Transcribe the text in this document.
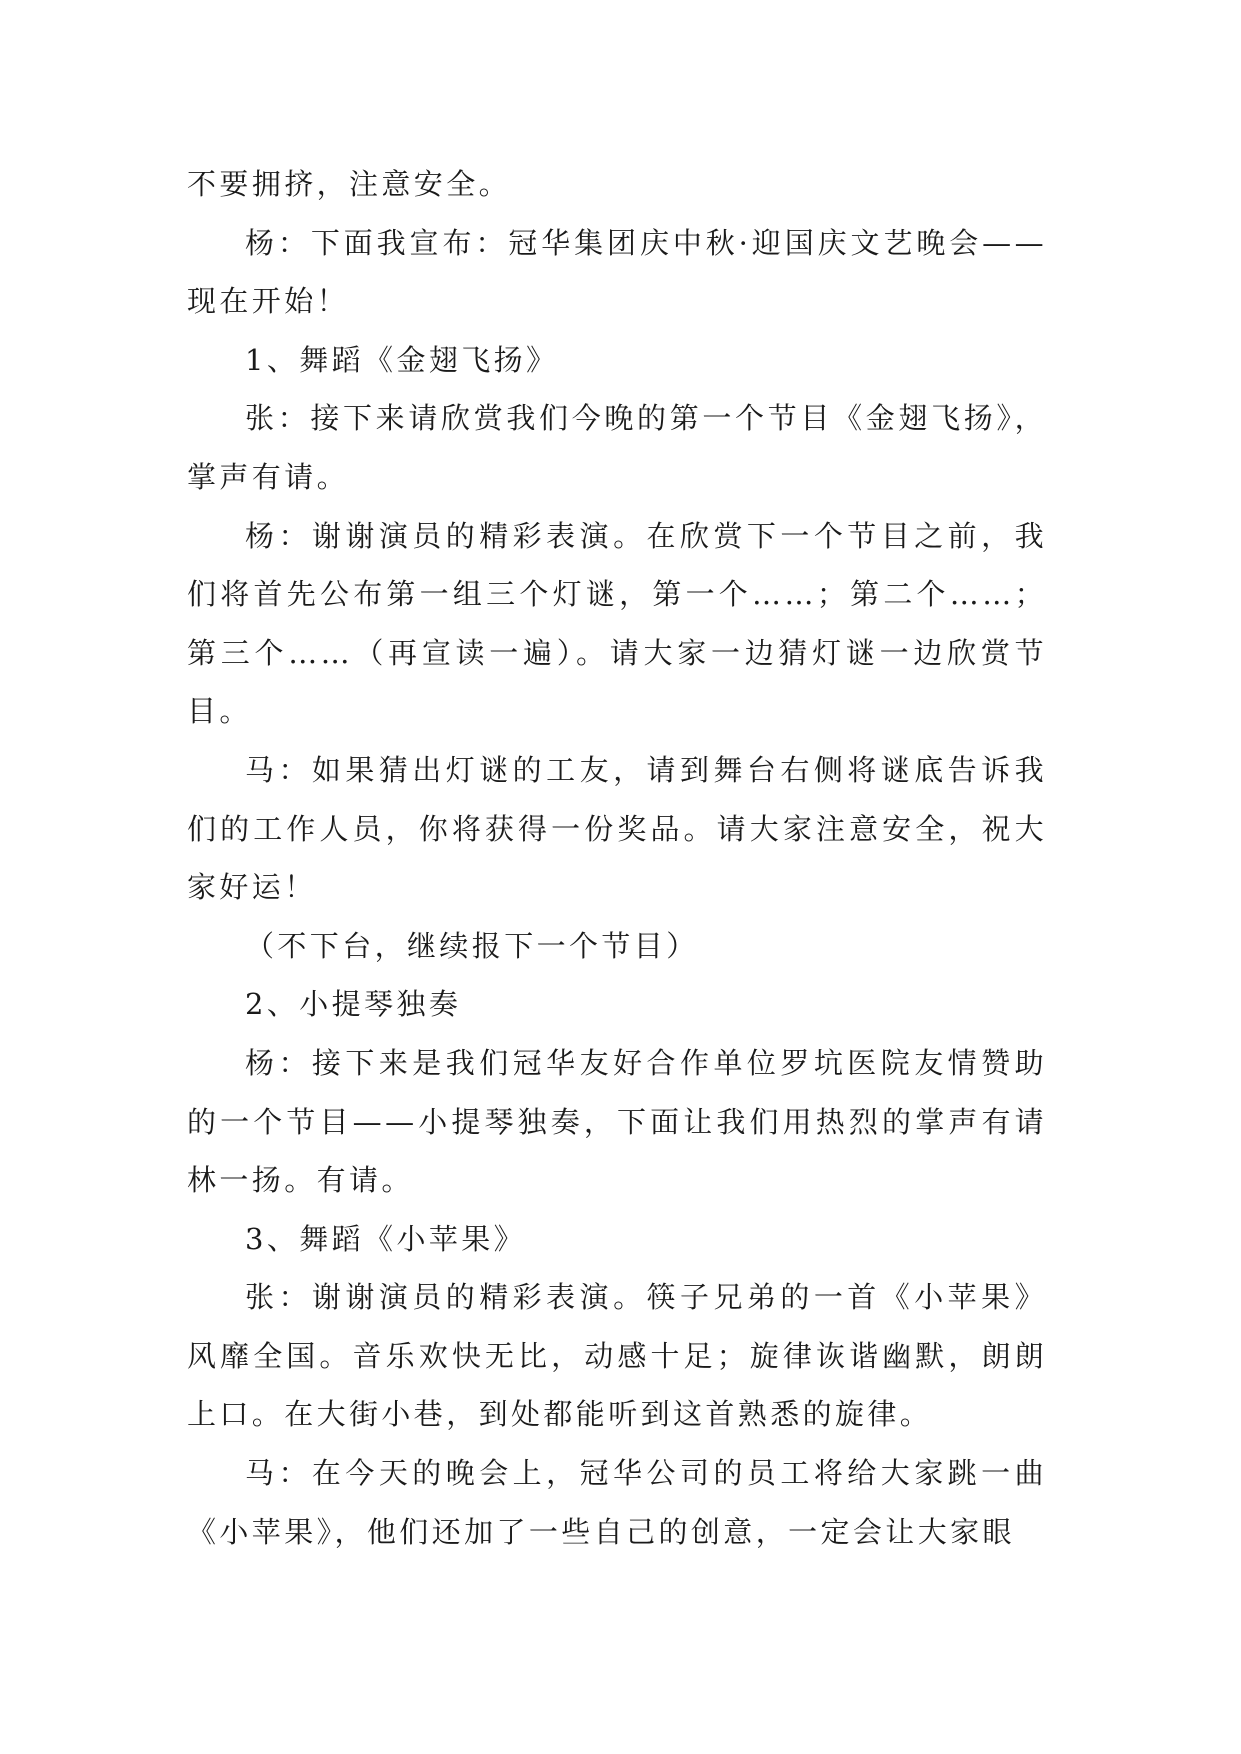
不要拥挤，注意安全。

杨：下面我宣布：冠华集团庆中秋·迎国庆文艺晚会——现在开始！

1、舞蹈《金翅飞扬》

张：接下来请欣赏我们今晚的第一个节目《金翅飞扬》，掌声有请。

杨：谢谢演员的精彩表演。在欣赏下一个节目之前，我们将首先公布第一组三个灯谜，第一个……；第二个……；第三个……（再宣读一遍）。请大家一边猜灯谜一边欣赏节目。

马：如果猜出灯谜的工友，请到舞台右侧将谜底告诉我们的工作人员，你将获得一份奖品。请大家注意安全，祝大家好运！

（不下台，继续报下一个节目）

2、小提琴独奏

杨：接下来是我们冠华友好合作单位罗坑医院友情赞助的一个节目——小提琴独奏，下面让我们用热烈的掌声有请林一扬。有请。

3、舞蹈《小苹果》

张：谢谢演员的精彩表演。筷子兄弟的一首《小苹果》风靡全国。音乐欢快无比，动感十足；旋律诙谐幽默，朗朗上口。在大街小巷，到处都能听到这首熟悉的旋律。

马：在今天的晚会上，冠华公司的员工将给大家跳一曲《小苹果》，他们还加了一些自己的创意，一定会让大家眼
